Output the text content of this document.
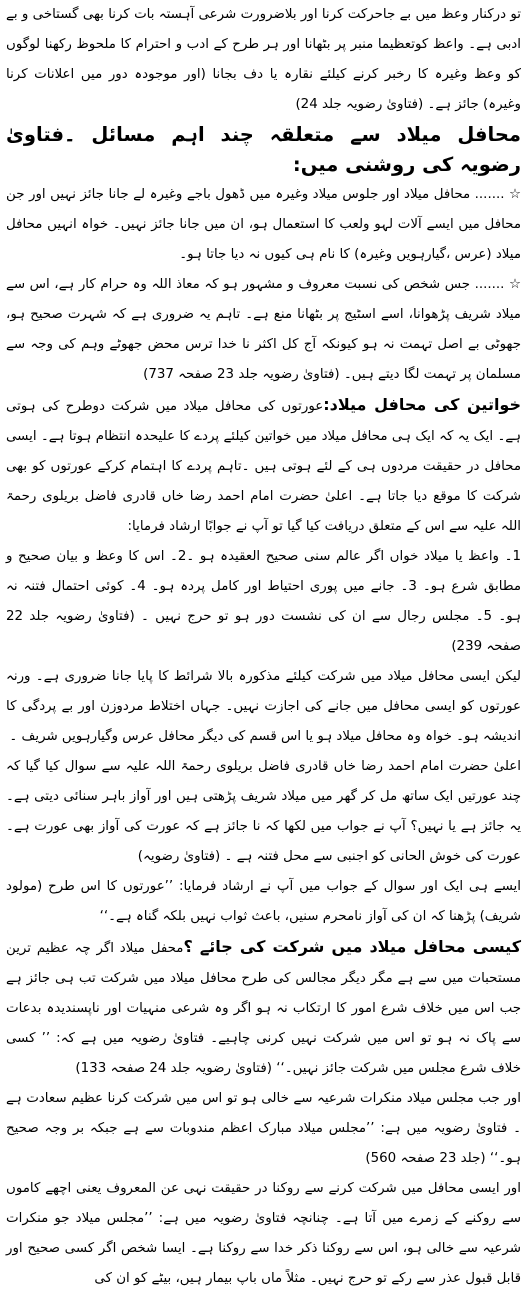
تو درکنار وعظ میں بے جاحرکت کرنا اور بلاضرورت شرعی آہستہ بات کرنا بھی گستاخی و بے ادبی ہے۔ واعظ کوتعظیما منبر پر بٹھانا اور ہر طرح کے ادب و احترام کا ملحوظ رکھنا لوگوں کو وعظ وغیرہ کا رخبر کرنے کیلئے نقارہ یا دف بجانا (اور موجودہ دور میں اعلانات کرنا وغیرہ) جائز ہے۔ (فتاویٰ رضویہ جلد 24)

محافل میلاد سے متعلقہ چند اہم مسائل ۔فتاویٰ رضویہ کی روشنی میں:

☆ ....... محافل میلاد اور جلوس میلاد وغیرہ میں ڈھول باجے وغیرہ لے جانا جائز نہیں اور جن محافل میں ایسے آلات لہو ولعب کا استعمال ہو، ان میں جانا جائز نہیں۔ خواہ انہیں محافل میلاد (عرس ،گیارہویں وغیرہ) کا نام ہی کیوں نہ دیا جاتا ہو۔

☆ ....... جس شخص کی نسبت معروف و مشہور ہو کہ معاذ اللہ وہ حرام کار ہے، اس سے میلاد شریف پڑھوانا، اسے اسٹیج پر بٹھانا منع ہے۔ تاہم یہ ضروری ہے کہ شہرت صحیح ہو، جھوٹی بے اصل تہمت نہ ہو کیونکہ آج کل اکثر نا خدا ترس محض جھوٹے وہم کی وجہ سے مسلمان پر تہمت لگا دیتے ہیں۔ (فتاویٰ رضویہ جلد 23 صفحہ 737)

خواتین کی محافل میلاد:عورتوں کی محافل میلاد میں شرکت دوطرح کی ہوتی ہے۔ ایک یہ کہ ایک ہی محافل میلاد میں خواتین کیلئے پردے کا علیحدہ انتظام ہوتا ہے۔ ایسی محافل در حقیقت مردوں ہی کے لئے ہوتی ہیں ۔تاہم پردے کا اہتمام کرکے عورتوں کو بھی شرکت کا موقع دیا جاتا ہے۔ اعلیٰ حضرت امام احمد رضا خاں قادری فاضل بریلوی رحمۃ اللہ علیہ سے اس کے متعلق دریافت کیا گیا تو آپ نے جوابًا ارشاد فرمایا:

1۔ واعظ یا میلاد خواں اگر عالم سنی صحیح العقیدہ ہو ۔2۔ اس کا وعظ و بیان صحیح و مطابق شرع ہو۔ 3۔ جانے میں پوری احتیاط اور کامل پردہ ہو۔ 4۔ کوئی احتمال فتنہ نہ ہو۔ 5۔ مجلس رجال سے ان کی نشست دور ہو تو حرج نہیں ۔ (فتاویٰ رضویہ جلد 22 صفحہ 239)

لیکن ایسی محافل میلاد میں شرکت کیلئے مذکورہ بالا شرائط کا پایا جانا ضروری ہے۔ ورنہ عورتوں کو ایسی محافل میں جانے کی اجازت نہیں۔ جہاں اختلاط مردوزن اور بے پردگی کا اندیشہ ہو۔ خواہ وہ محافل میلاد ہو یا اس قسم کی دیگر محافل عرس وگیارہویں شریف ۔

اعلیٰ حضرت امام احمد رضا خاں قادری فاضل بریلوی رحمۃ اللہ علیہ سے سوال کیا گیا کہ چند عورتیں ایک ساتھ مل کر گھر میں میلاد شریف پڑھتی ہیں اور آواز باہر سنائی دیتی ہے۔ یہ جائز ہے یا نہیں؟ آپ نے جواب میں لکھا کہ نا جائز ہے کہ عورت کی آواز بھی عورت ہے۔ عورت کی خوش الحانی کو اجنبی سے محل فتنہ ہے ۔ (فتاویٰ رضویہ)

ایسے ہی ایک اور سوال کے جواب میں آپ نے ارشاد فرمایا: ’’عورتوں کا اس طرح (مولود شریف) پڑھنا کہ ان کی آواز نامحرم سنیں، باعث ثواب نہیں بلکہ گناہ ہے۔‘‘

کیسی محافل میلاد میں شرکت کی جائے ؟محفل میلاد اگر چہ عظیم ترین مستحبات میں سے ہے مگر دیگر مجالس کی طرح محافل میلاد میں شرکت تب ہی جائز ہے جب اس میں خلاف شرع امور کا ارتکاب نہ ہو اگر وہ شرعی منہیات اور ناپسندیدہ بدعات سے پاک نہ ہو تو اس میں شرکت نہیں کرنی چاہیے۔ فتاویٰ رضویہ میں ہے کہ: ’’ کسی خلاف شرع مجلس میں شرکت جائز نہیں۔‘‘ (فتاویٰ رضویہ جلد 24 صفحہ 133)

اور جب مجلس میلاد منکرات شرعیہ سے خالی ہو تو اس میں شرکت کرنا عظیم سعادت ہے ۔ فتاویٰ رضویہ میں ہے: ’’مجلس میلاد مبارک اعظم مندوبات سے ہے جبکہ بر وجہ صحیح ہو۔‘‘ (جلد 23 صفحہ 560)

اور ایسی محافل میں شرکت کرنے سے روکنا در حقیقت نہی عن المعروف یعنی اچھے کاموں سے روکنے کے زمرے میں آتا ہے۔ چنانچہ فتاویٰ رضویہ میں ہے: ’’مجلس میلاد جو منکرات شرعیہ سے خالی ہو، اس سے روکنا ذکر خدا سے روکنا ہے۔ ایسا شخص اگر کسی صحیح اور قابل قبول عذر سے رکے تو حرج نہیں۔ مثلاً ماں باپ بیمار ہیں، بیٹے کو ان کی
